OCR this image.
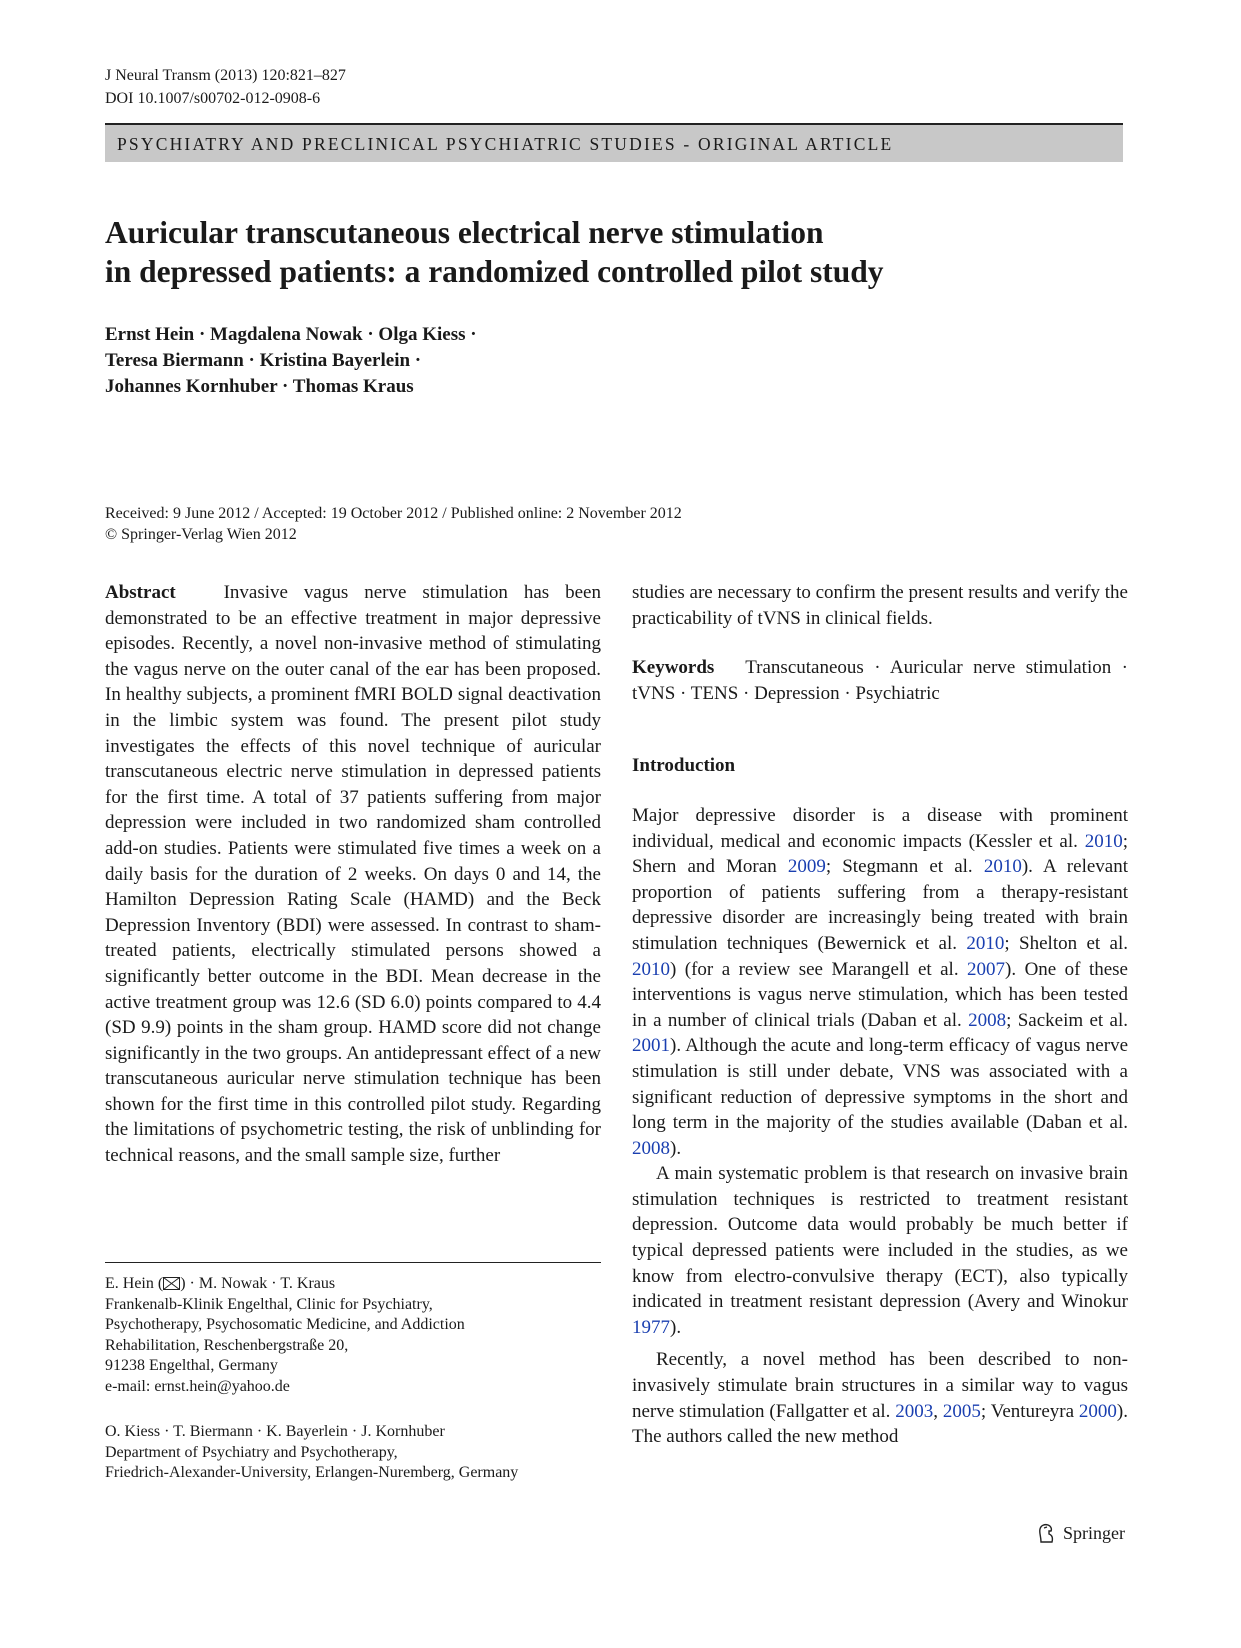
J Neural Transm (2013) 120:821–827
DOI 10.1007/s00702-012-0908-6
PSYCHIATRY AND PRECLINICAL PSYCHIATRIC STUDIES - ORIGINAL ARTICLE
Auricular transcutaneous electrical nerve stimulation
in depressed patients: a randomized controlled pilot study
Ernst Hein · Magdalena Nowak · Olga Kiess ·
Teresa Biermann · Kristina Bayerlein ·
Johannes Kornhuber · Thomas Kraus
Received: 9 June 2012 / Accepted: 19 October 2012 / Published online: 2 November 2012
© Springer-Verlag Wien 2012

Abstract	Invasive vagus nerve stimulation has been demonstrated to be an effective treatment in major depressive episodes. Recently, a novel non-invasive method of stimulating the vagus nerve on the outer canal of the ear has been proposed. In healthy subjects, a prominent fMRI BOLD signal deactivation in the limbic system was found. The present pilot study investigates the effects of this novel technique of auricular transcutaneous electric nerve stimulation in depressed patients for the first time. A total of 37 patients suffering from major depression were included in two randomized sham controlled add-on studies. Patients were stimulated five times a week on a daily basis for the duration of 2 weeks. On days 0 and 14, the Hamilton Depression Rating Scale (HAMD) and the Beck Depression Inventory (BDI) were assessed. In contrast to sham-treated patients, electrically stimulated persons showed a significantly better outcome in the BDI. Mean decrease in the active treatment group was 12.6 (SD 6.0) points compared to 4.4 (SD 9.9) points in the sham group. HAMD score did not change significantly in the two groups. An antidepressant effect of a new transcutaneous auricular nerve stimulation technique has been shown for the first time in this controlled pilot study. Regarding the limitations of psychometric testing, the risk of unblinding for technical reasons, and the small sample size, further

E. Hein ( ) · M. Nowak · T. Kraus
Frankenalb-Klinik Engelthal, Clinic for Psychiatry,
Psychotherapy, Psychosomatic Medicine, and Addiction
Rehabilitation, Reschenbergstraße 20,
91238 Engelthal, Germany
e-mail: ernst.hein@yahoo.de
O. Kiess · T. Biermann · K. Bayerlein · J. Kornhuber
Department of Psychiatry and Psychotherapy,
Friedrich-Alexander-University, Erlangen-Nuremberg, Germany

studies are necessary to confirm the present results and verify the practicability of tVNS in clinical fields.

Keywords Transcutaneous · Auricular nerve stimulation · tVNS · TENS · Depression · Psychiatric

Introduction

Major depressive disorder is a disease with prominent individual, medical and economic impacts (Kessler et al. 2010; Shern and Moran 2009; Stegmann et al. 2010). A relevant proportion of patients suffering from a therapy-resistant depressive disorder are increasingly being treated with brain stimulation techniques (Bewernick et al. 2010; Shelton et al. 2010) (for a review see Marangell et al. 2007). One of these interventions is vagus nerve stimulation, which has been tested in a number of clinical trials (Daban et al. 2008; Sackeim et al. 2001). Although the acute and long-term efficacy of vagus nerve stimulation is still under debate, VNS was associated with a significant reduction of depressive symptoms in the short and long term in the majority of the studies available (Daban et al. 2008).

A main systematic problem is that research on invasive brain stimulation techniques is restricted to treatment resistant depression. Outcome data would probably be much better if typical depressed patients were included in the studies, as we know from electro-convulsive therapy (ECT), also typically indicated in treatment resistant depression (Avery and Winokur 1977).

Recently, a novel method has been described to non-invasively stimulate brain structures in a similar way to vagus nerve stimulation (Fallgatter et al. 2003, 2005; Ventureyra 2000). The authors called the new method

Springer
